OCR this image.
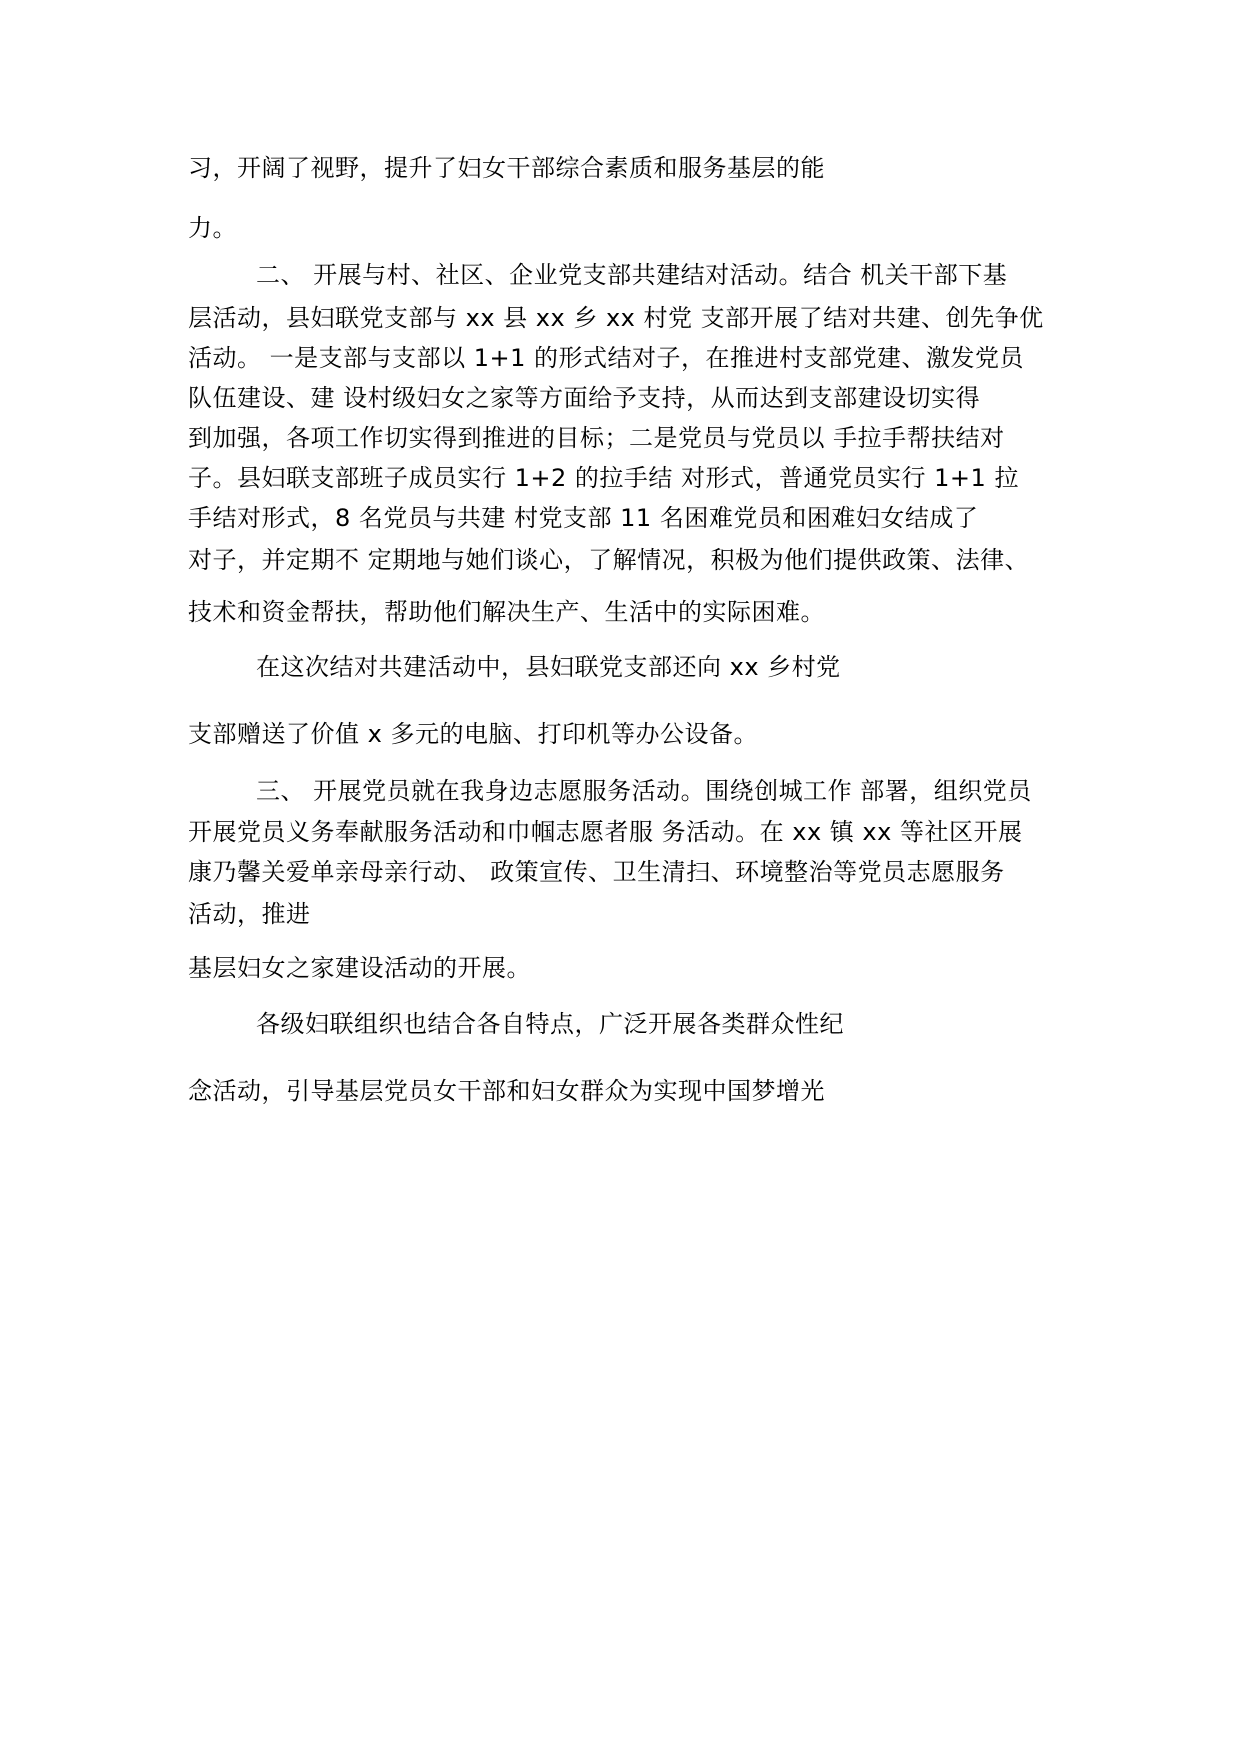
习，开阔了视野，提升了妇女干部综合素质和服务基层的能
力。
二、 开展与村、社区、企业党支部共建结对活动。结合 机关干部下基
层活动，县妇联党支部与 xx 县 xx 乡 xx 村党 支部开展了结对共建、创先争优
活动。 一是支部与支部以 1+1 的形式结对子，在推进村支部党建、激发党员
队伍建设、建 设村级妇女之家等方面给予支持，从而达到支部建设切实得
到加强，各项工作切实得到推进的目标；二是党员与党员以 手拉手帮扶结对
子。县妇联支部班子成员实行 1+2 的拉手结 对形式，普通党员实行 1+1 拉
手结对形式，8 名党员与共建 村党支部 11 名困难党员和困难妇女结成了
对子，并定期不 定期地与她们谈心，了解情况，积极为他们提供政策、法律、
技术和资金帮扶，帮助他们解决生产、生活中的实际困难。
在这次结对共建活动中，县妇联党支部还向 xx 乡村党
支部赠送了价值 x 多元的电脑、打印机等办公设备。
三、 开展党员就在我身边志愿服务活动。围绕创城工作 部署，组织党员
开展党员义务奉献服务活动和巾帼志愿者服 务活动。在 xx 镇 xx 等社区开展
康乃馨关爱单亲母亲行动、 政策宣传、卫生清扫、环境整治等党员志愿服务
活动，推进
基层妇女之家建设活动的开展。
各级妇联组织也结合各自特点，广泛开展各类群众性纪
念活动，引导基层党员女干部和妇女群众为实现中国梦增光
